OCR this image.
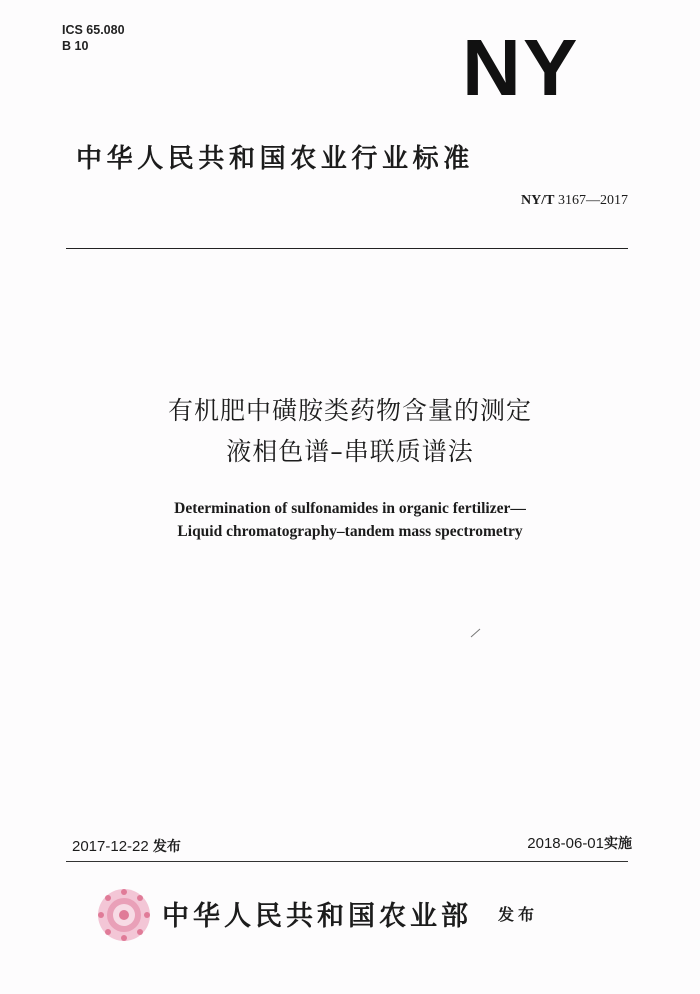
ICS 65.080
B 10	NY
中华人民共和国农业行业标准
NY/T 3167—2017
有机肥中磺胺类药物含量的测定
液相色谱–串联质谱法
Determination of sulfonamides in organic fertilizer—
Liquid chromatography–tandem mass spectrometry
2017-12-22 发布	2018-06-01实施
中华人民共和国农业部 发布
